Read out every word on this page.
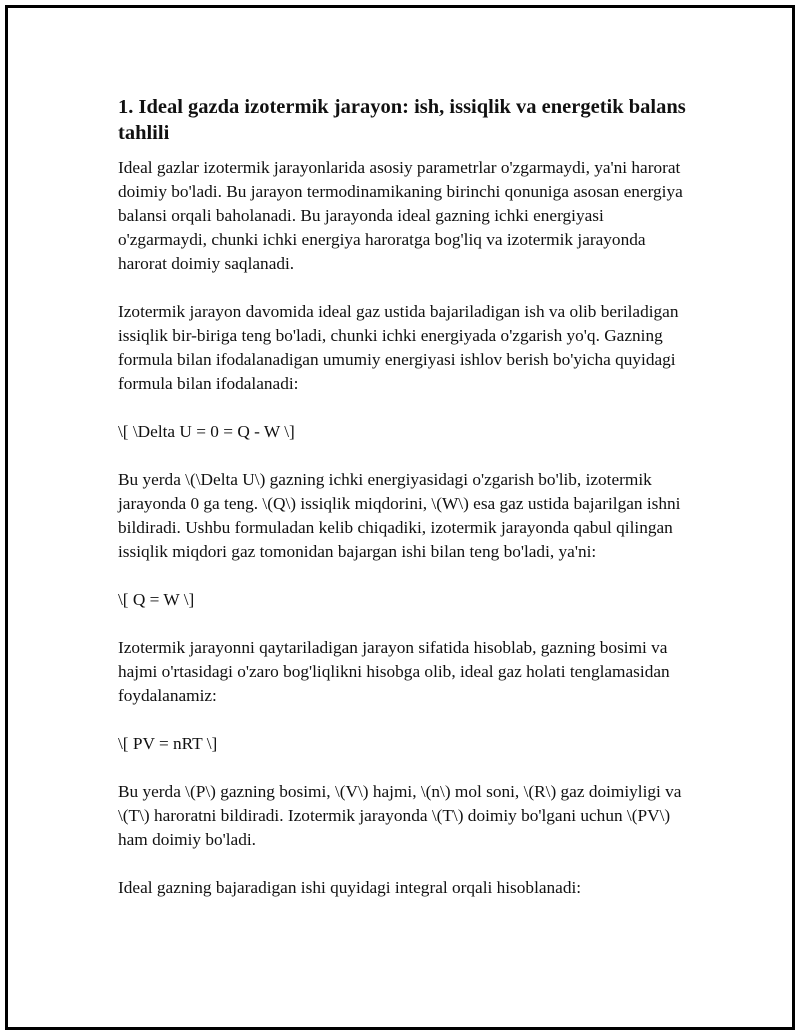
1. Ideal gazda izotermik jarayon: ish, issiqlik va energetik balans tahlili

Ideal gazlar izotermik jarayonlarida asosiy parametrlar o'zgarmaydi, ya'ni harorat doimiy bo'ladi. Bu jarayon termodinamikaning birinchi qonuniga asosan energiya balansi orqali baholanadi. Bu jarayonda ideal gazning ichki energiyasi o'zgarmaydi, chunki ichki energiya haroratga bog'liq va izotermik jarayonda harorat doimiy saqlanadi.

Izotermik jarayon davomida ideal gaz ustida bajariladigan ish va olib beriladigan issiqlik bir-biriga teng bo'ladi, chunki ichki energiyada o'zgarish yo'q. Gazning formula bilan ifodalanadigan umumiy energiyasi ishlov berish bo'yicha quyidagi formula bilan ifodalanadi:

\[ \Delta U = 0 = Q - W \]

Bu yerda \(\Delta U\) gazning ichki energiyasidagi o'zgarish bo'lib, izotermik jarayonda 0 ga teng. \(Q\) issiqlik miqdorini, \(W\) esa gaz ustida bajarilgan ishni bildiradi. Ushbu formuladan kelib chiqadiki, izotermik jarayonda qabul qilingan issiqlik miqdori gaz tomonidan bajargan ishi bilan teng bo'ladi, ya'ni:

\[ Q = W \]

Izotermik jarayonni qaytariladigan jarayon sifatida hisoblab, gazning bosimi va hajmi o'rtasidagi o'zaro bog'liqlikni hisobga olib, ideal gaz holati tenglamasidan foydalanamiz:

\[ PV = nRT \]

Bu yerda \(P\) gazning bosimi, \(V\) hajmi, \(n\) mol soni, \(R\) gaz doimiyligi va \(T\) haroratni bildiradi. Izotermik jarayonda \(T\) doimiy bo'lgani uchun \(PV\) ham doimiy bo'ladi.

Ideal gazning bajaradigan ishi quyidagi integral orqali hisoblanadi:
